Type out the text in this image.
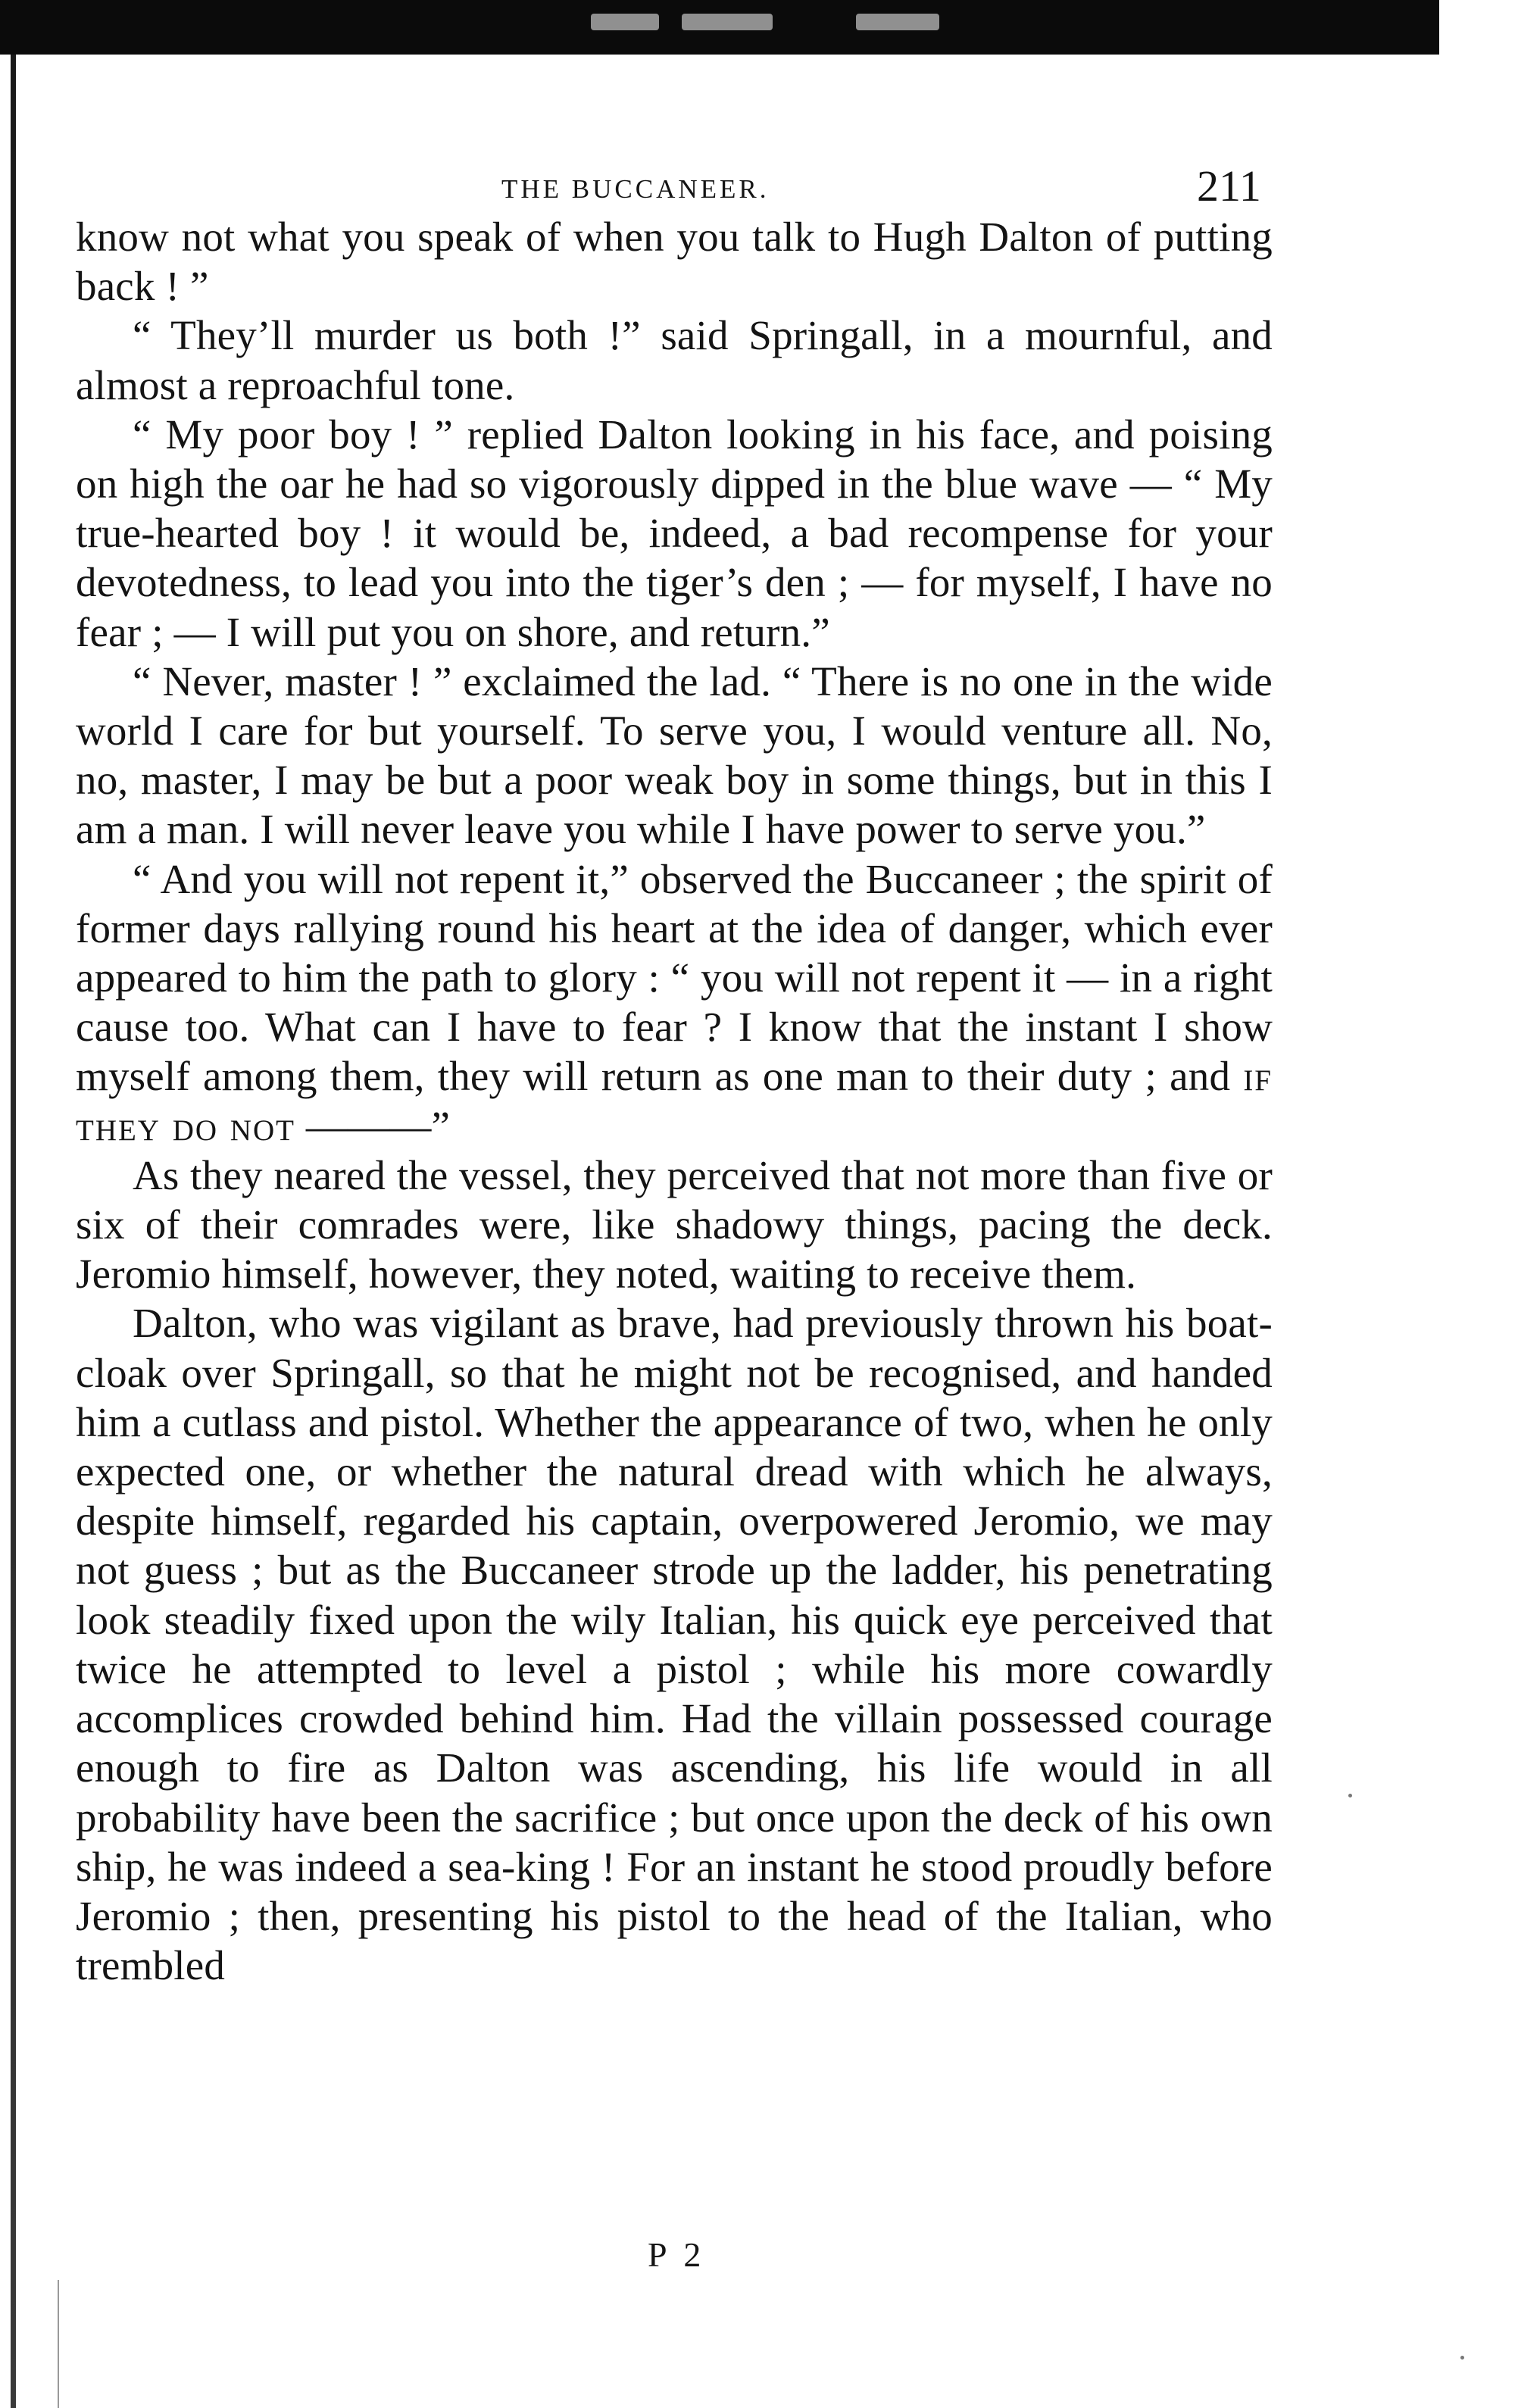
THE BUCCANEER.	211

know not what you speak of when you talk to Hugh Dalton of putting back ! ”

“ They’ll murder us both !” said Springall, in a mournful, and almost a reproachful tone.

“ My poor boy ! ” replied Dalton looking in his face, and poising on high the oar he had so vigorously dipped in the blue wave — “ My true-hearted boy ! it would be, indeed, a bad recompense for your devotedness, to lead you into the tiger’s den ; — for myself, I have no fear ; — I will put you on shore, and return.”

“ Never, master ! ” exclaimed the lad. “ There is no one in the wide world I care for but yourself. To serve you, I would venture all. No, no, master, I may be but a poor weak boy in some things, but in this I am a man. I will never leave you while I have power to serve you.”

“ And you will not repent it,” observed the Buccaneer ; the spirit of former days rallying round his heart at the idea of danger, which ever appeared to him the path to glory : “ you will not repent it — in a right cause too. What can I have to fear ? I know that the instant I show myself among them, they will return as one man to their duty ; and if they do not ———”

As they neared the vessel, they perceived that not more than five or six of their comrades were, like shadowy things, pacing the deck. Jeromio himself, however, they noted, waiting to receive them.

Dalton, who was vigilant as brave, had previously thrown his boat-cloak over Springall, so that he might not be recognised, and handed him a cutlass and pistol. Whether the appearance of two, when he only expected one, or whether the natural dread with which he always, despite himself, regarded his captain, overpowered Jeromio, we may not guess ; but as the Buccaneer strode up the ladder, his penetrating look steadily fixed upon the wily Italian, his quick eye perceived that twice he attempted to level a pistol ; while his more cowardly accomplices crowded behind him. Had the villain possessed courage enough to fire as Dalton was ascending, his life would in all probability have been the sacrifice ; but once upon the deck of his own ship, he was indeed a sea-king ! For an instant he stood proudly before Jeromio ; then, presenting his pistol to the head of the Italian, who trembled

P 2
